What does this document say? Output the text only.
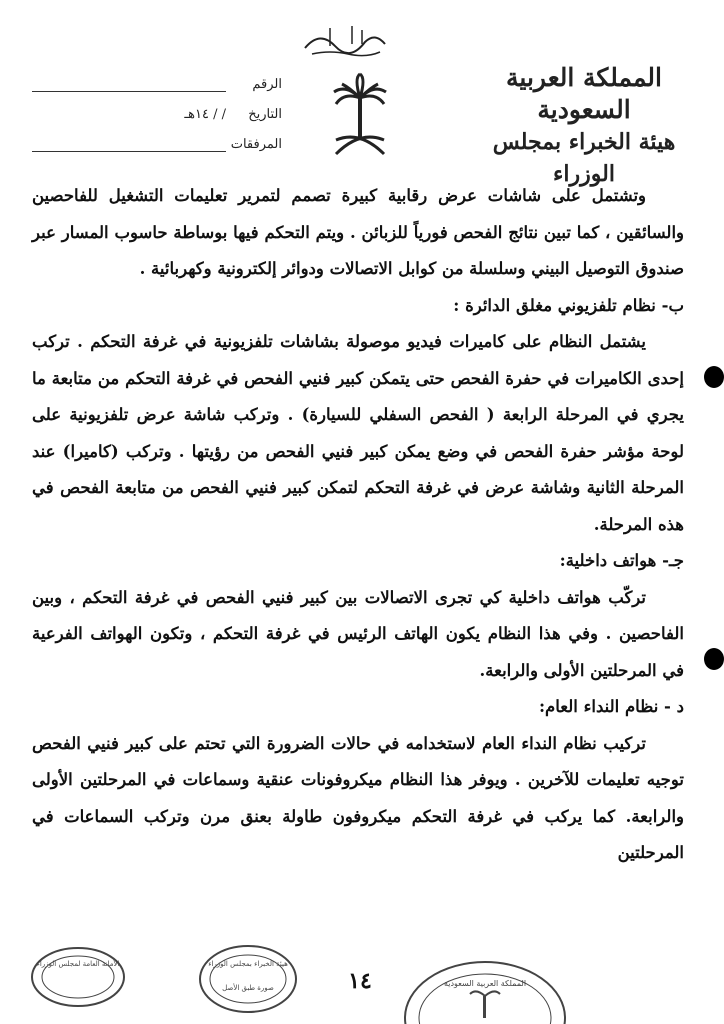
المملكة العربية السعودية
هيئة الخبراء بمجلس الوزراء
الرقم
التاريخ
/ / ١٤هـ
المرفقات

وتشتمل على شاشات عرض رقابية كبيرة تصمم لتمرير تعليمات التشغيل للفاحصين والسائقين ، كما تبين نتائج الفحص فورياً للزبائن . ويتم التحكم فيها بوساطة حاسوب المسار عبر صندوق التوصيل البيني وسلسلة من كوابل الاتصالات ودوائر إلكترونية وكهربائية .

ب- نظام تلفزيوني مغلق الدائرة :

يشتمل النظام على كاميرات فيديو موصولة بشاشات تلفزيونية في غرفة التحكم . تركب إحدى الكاميرات في حفرة الفحص حتى يتمكن كبير فنيي الفحص في غرفة التحكم من متابعة ما يجري في المرحلة الرابعة ( الفحص السفلي للسيارة) . وتركب شاشة عرض تلفزيونية على لوحة مؤشر حفرة الفحص في وضع يمكن كبير فنيي الفحص من رؤيتها . وتركب (كاميرا) عند المرحلة الثانية وشاشة عرض في غرفة التحكم لتمكن كبير فنيي الفحص من متابعة الفحص في هذه المرحلة.

جـ- هواتف داخلية:

تركّب هواتف داخلية كي تجرى الاتصالات بين كبير فنيي الفحص في غرفة التحكم ، وبين الفاحصين . وفي هذا النظام يكون الهاتف الرئيس في غرفة التحكم ، وتكون الهواتف الفرعية في المرحلتين الأولى والرابعة.

د - نظام النداء العام:

تركيب نظام النداء العام لاستخدامه في حالات الضرورة التي تحتم على كبير فنيي الفحص توجيه تعليمات للآخرين . ويوفر هذا النظام ميكروفونات عنقية وسماعات في المرحلتين الأولى والرابعة. كما يركب في غرفة التحكم ميكروفون طاولة بعنق مرن وتركب السماعات في المرحلتين

١٤
الأمانة العامة لمجلس الوزراء	هيئة الخبراء بمجلس الوزراء
صورة طبق الأصل	المملكة العربية السعودية
